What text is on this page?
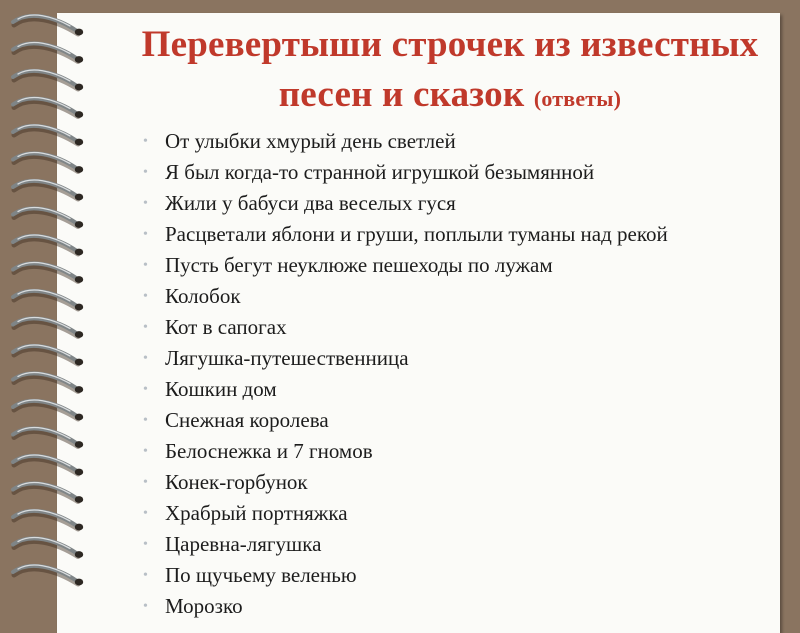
Перевертыши строчек из известных песен и сказок (ответы)
• От улыбки хмурый день светлей
• Я был когда-то странной игрушкой безымянной
• Жили у бабуси два веселых гуся
• Расцветали яблони и груши, поплыли туманы над рекой
• Пусть бегут неуклюже пешеходы по лужам
• Колобок
• Кот в сапогах
• Лягушка-путешественница
• Кошкин дом
• Снежная королева
• Белоснежка и 7 гномов
• Конек-горбунок
• Храбрый портняжка
• Царевна-лягушка
• По щучьему веленью
• Морозко
